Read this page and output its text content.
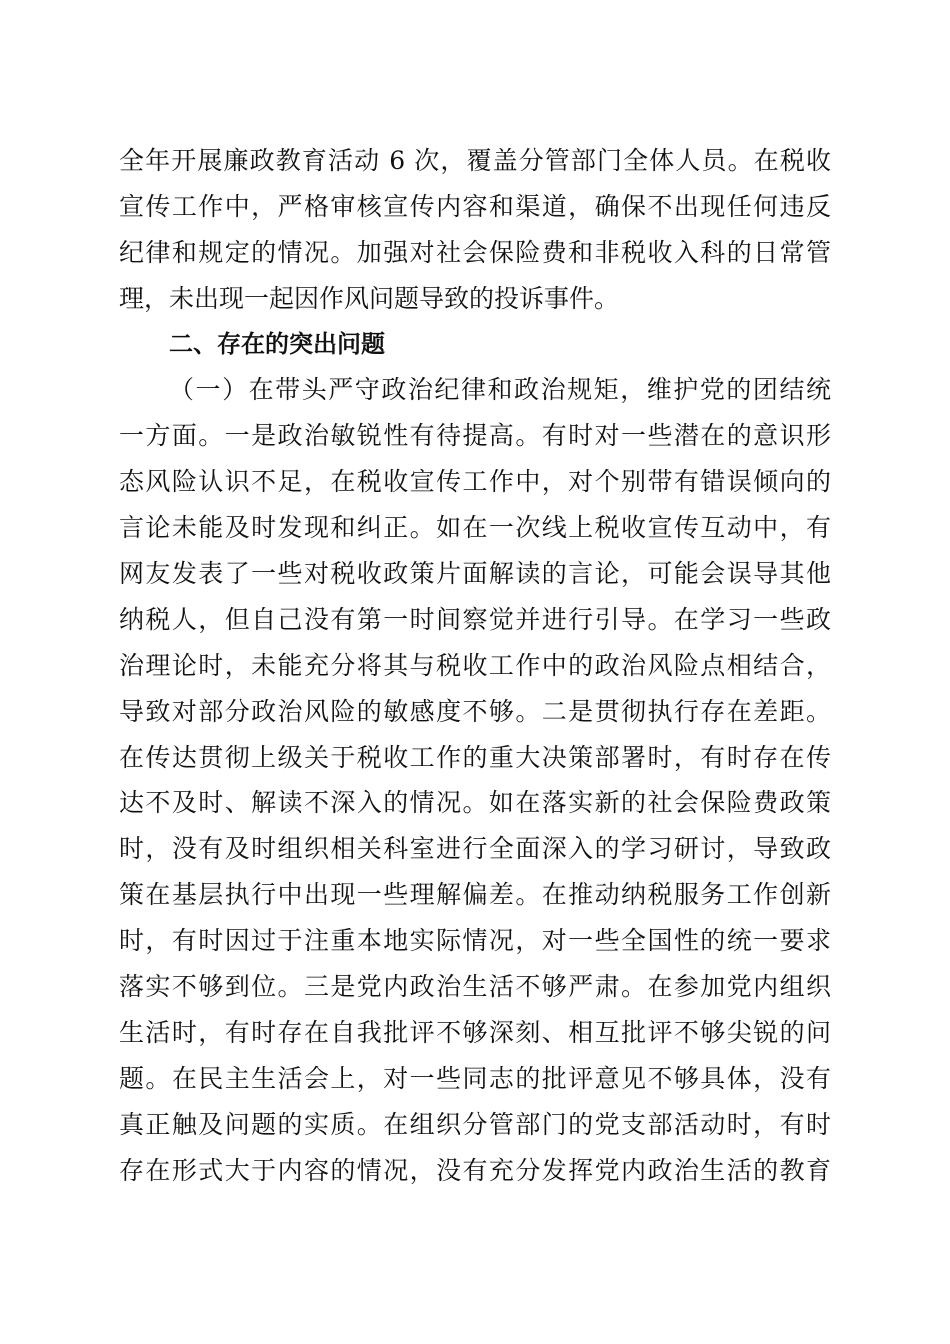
全年开展廉政教育活动 6 次，覆盖分管部门全体人员。在税收
宣传工作中，严格审核宣传内容和渠道，确保不出现任何违反
纪律和规定的情况。加强对社会保险费和非税收入科的日常管
理，未出现一起因作风问题导致的投诉事件。
二、存在的突出问题
（一）在带头严守政治纪律和政治规矩，维护党的团结统
一方面。一是政治敏锐性有待提高。有时对一些潜在的意识形
态风险认识不足，在税收宣传工作中，对个别带有错误倾向的
言论未能及时发现和纠正。如在一次线上税收宣传互动中，有
网友发表了一些对税收政策片面解读的言论，可能会误导其他
纳税人，但自己没有第一时间察觉并进行引导。在学习一些政
治理论时，未能充分将其与税收工作中的政治风险点相结合，
导致对部分政治风险的敏感度不够。二是贯彻执行存在差距。
在传达贯彻上级关于税收工作的重大决策部署时，有时存在传
达不及时、解读不深入的情况。如在落实新的社会保险费政策
时，没有及时组织相关科室进行全面深入的学习研讨，导致政
策在基层执行中出现一些理解偏差。在推动纳税服务工作创新
时，有时因过于注重本地实际情况，对一些全国性的统一要求
落实不够到位。三是党内政治生活不够严肃。在参加党内组织
生活时，有时存在自我批评不够深刻、相互批评不够尖锐的问
题。在民主生活会上，对一些同志的批评意见不够具体，没有
真正触及问题的实质。在组织分管部门的党支部活动时，有时
存在形式大于内容的情况，没有充分发挥党内政治生活的教育
